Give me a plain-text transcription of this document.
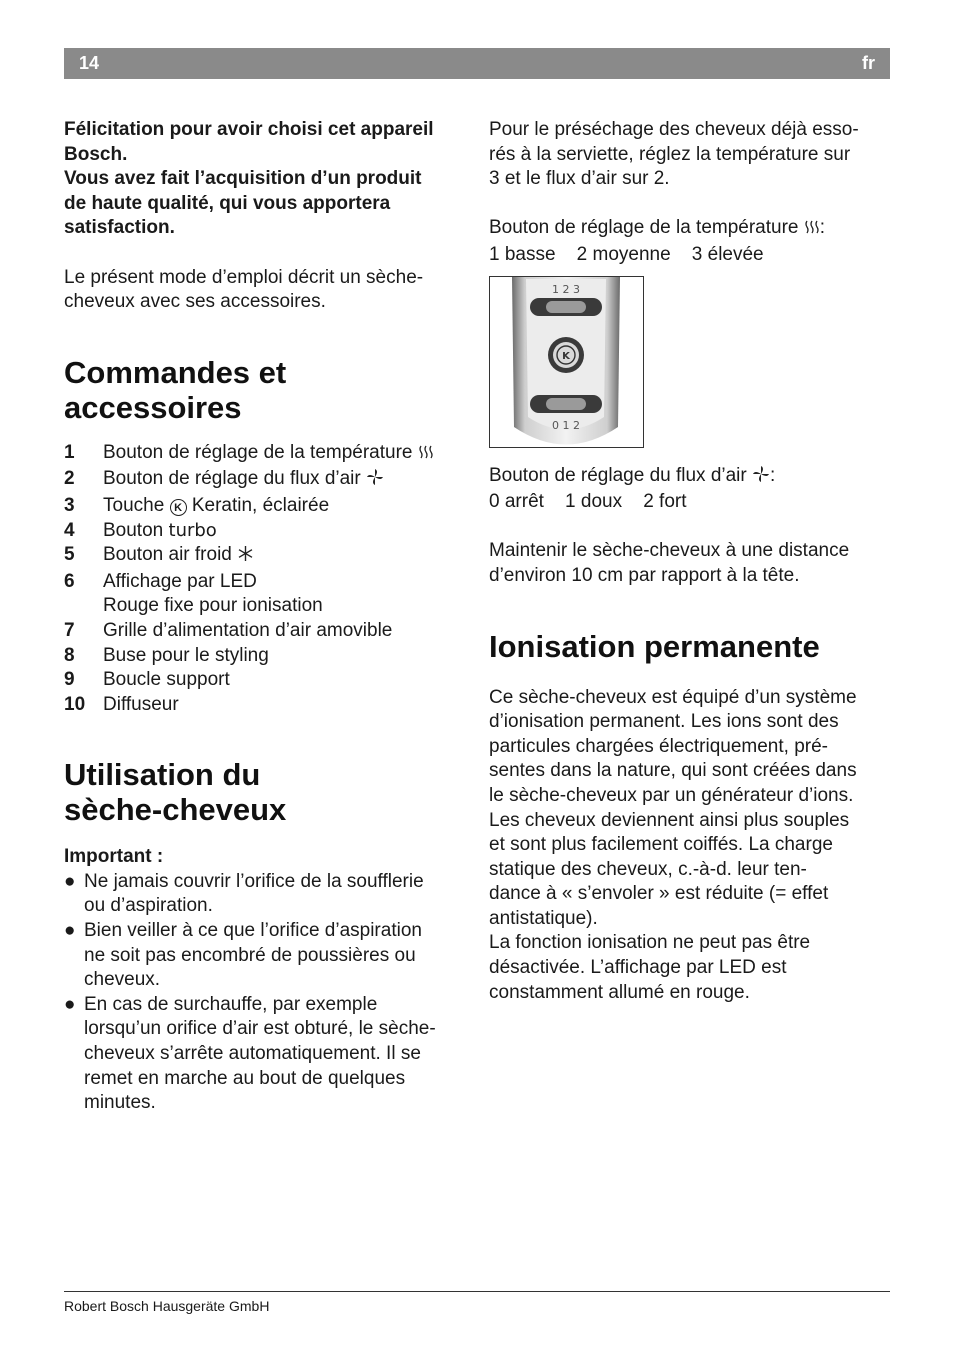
14	fr

Félicitation pour avoir choisi cet appareil

Bosch.

Vous avez fait l’acquisition d’un produit

de haute qualité, qui vous apportera

satisfaction.

Le présent mode d’emploi décrit un sèche-

cheveux avec ses accessoires.

Commandes et
accessoires
1 Bouton de réglage de la température
2 Bouton de réglage du flux d’air
3 Touche K Keratin, éclairée
4 Bouton turbo
5 Bouton air froid
6 Affichage par LED
Rouge fixe pour ionisation
7 Grille d’alimentation d’air amovible
8 Buse pour le styling
9 Boucle support
10 Diffuseur
Utilisation du
sèche-cheveux

Important :

● Ne jamais couvrir l’orifice de la soufflerie
ou d’aspiration.
● Bien veiller à ce que l’orifice d’aspiration
ne soit pas encombré de poussières ou
cheveux.
● En cas de surchauffe, par exemple
lorsqu’un orifice d’air est obturé, le sèche-
cheveux s’arrête automatiquement. Il se
remet en marche au bout de quelques
minutes.

Pour le préséchage des cheveux déjà esso-

rés à la serviette, réglez la température sur

3 et le flux d’air sur 2.

Bouton de réglage de la température :

1 basse    2 moyenne    3 élevée

1 2 3
K
0 1 2

Bouton de réglage du flux d’air :

0 arrêt    1 doux    2 fort

Maintenir le sèche-cheveux à une distance

d’environ 10 cm par rapport à la tête.

Ionisation permanente

Ce sèche-cheveux est équipé d’un système

d’ionisation permanent. Les ions sont des

particules chargées électriquement, pré-

sentes dans la nature, qui sont créées dans

le sèche-cheveux par un générateur d’ions.

Les cheveux deviennent ainsi plus souples

et sont plus facilement coiffés. La charge

statique des cheveux, c.-à-d. leur ten-

dance à « s’envoler » est réduite (= effet

antistatique).

La fonction ionisation ne peut pas être

désactivée. L’affichage par LED est

constamment allumé en rouge.

Robert Bosch Hausgeräte GmbH
